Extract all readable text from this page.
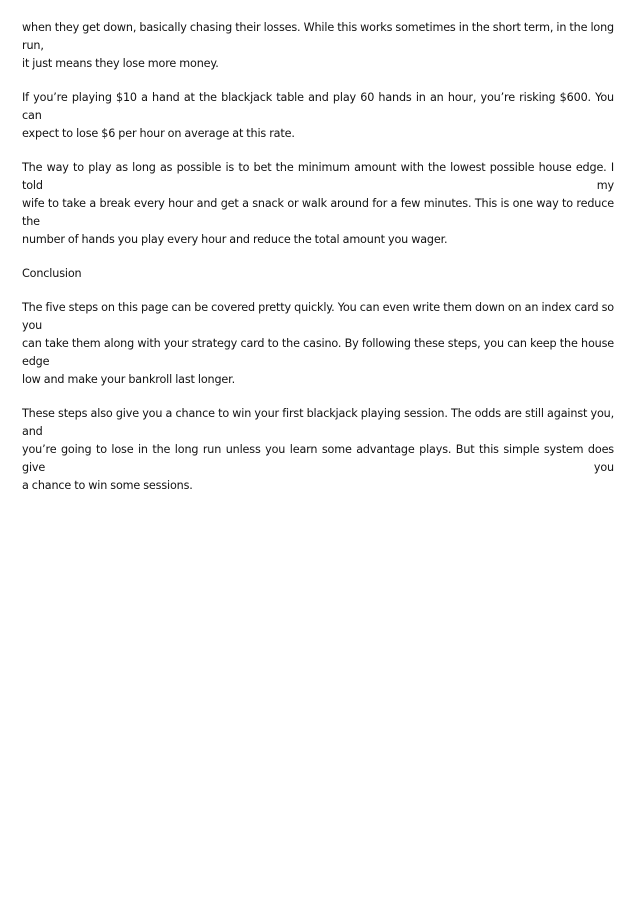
when they get down, basically chasing their losses. While this works sometimes in the short term, in the long run,
it just means they lose more money.

If you’re playing $10 a hand at the blackjack table and play 60 hands in an hour, you’re risking $600. You can
expect to lose $6 per hour on average at this rate.

The way to play as long as possible is to bet the minimum amount with the lowest possible house edge. I told my
wife to take a break every hour and get a snack or walk around for a few minutes. This is one way to reduce the
number of hands you play every hour and reduce the total amount you wager.

Conclusion

The five steps on this page can be covered pretty quickly. You can even write them down on an index card so you
can take them along with your strategy card to the casino. By following these steps, you can keep the house edge
low and make your bankroll last longer.

These steps also give you a chance to win your first blackjack playing session. The odds are still against you, and
you’re going to lose in the long run unless you learn some advantage plays. But this simple system does give you
a chance to win some sessions.
